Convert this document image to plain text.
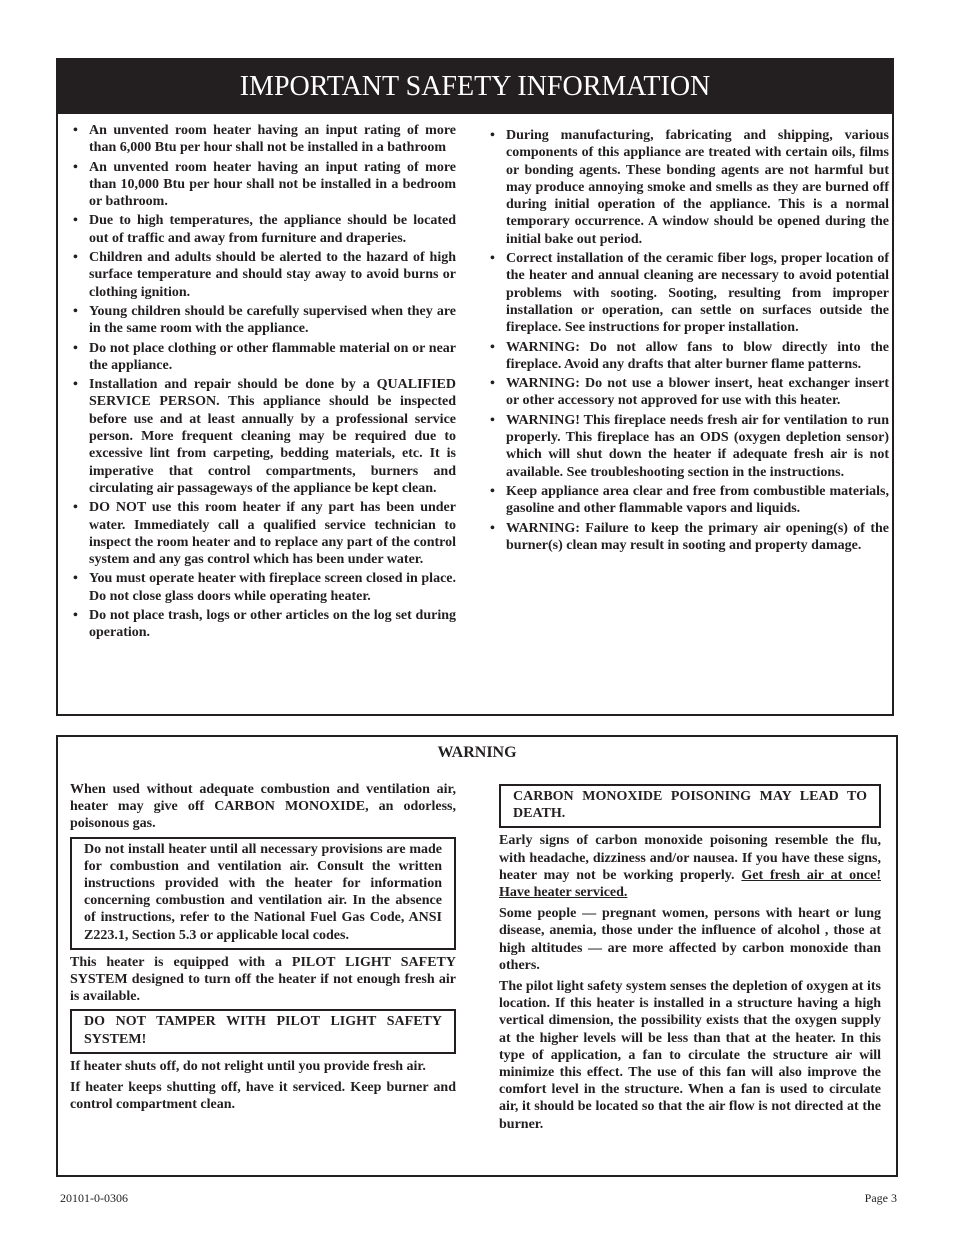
IMPORTANT SAFETY INFORMATION
• An unvented room heater having an input rating of more than 6,000 Btu per hour shall not be installed in a bathroom
• An unvented room heater having an input rating of more than 10,000 Btu per hour shall not be installed in a bedroom or bathroom.
• Due to high temperatures, the appliance should be located out of traffic and away from furniture and draperies.
• Children and adults should be alerted to the hazard of high surface temperature and should stay away to avoid burns or clothing ignition.
• Young children should be carefully supervised when they are in the same room with the appliance.
• Do not place clothing or other flammable material on or near the appliance.
• Installation and repair should be done by a QUALIFIED SERVICE PERSON. This appliance should be inspected before use and at least annually by a professional service person. More frequent cleaning may be required due to excessive lint from carpeting, bedding materials, etc. It is imperative that control compartments, burners and circulating air passageways of the appliance be kept clean.
• DO NOT use this room heater if any part has been under water. Immediately call a qualified service technician to inspect the room heater and to replace any part of the control system and any gas control which has been under water.
• You must operate heater with fireplace screen closed in place. Do not close glass doors while operating heater.
• Do not place trash, logs or other articles on the log set during operation.
• During manufacturing, fabricating and shipping, various components of this appliance are treated with certain oils, films or bonding agents. These bonding agents are not harmful but may produce annoying smoke and smells as they are burned off during initial operation of the appliance. This is a normal temporary occurrence. A window should be opened during the initial bake out period.
• Correct installation of the ceramic fiber logs, proper location of the heater and annual cleaning are necessary to avoid potential problems with sooting. Sooting, resulting from improper installation or operation, can settle on surfaces outside the fireplace. See instructions for proper installation.
• WARNING: Do not allow fans to blow directly into the fireplace. Avoid any drafts that alter burner flame patterns.
• WARNING: Do not use a blower insert, heat exchanger insert or other accessory not approved for use with this heater.
• WARNING! This fireplace needs fresh air for ventilation to run properly. This fireplace has an ODS (oxygen depletion sensor) which will shut down the heater if adequate fresh air is not available. See troubleshooting section in the instructions.
• Keep appliance area clear and free from combustible materials, gasoline and other flammable vapors and liquids.
• WARNING: Failure to keep the primary air opening(s) of the burner(s) clean may result in sooting and property damage.
WARNING

When used without adequate combustion and ventilation air, heater may give off CARBON MONOXIDE, an odorless, poisonous gas.

Do not install heater until all necessary provisions are made for combustion and ventilation air. Consult the written instructions provided with the heater for information concerning combustion and ventilation air. In the absence of instructions, refer to the National Fuel Gas Code, ANSI Z223.1, Section 5.3 or applicable local codes.

This heater is equipped with a PILOT LIGHT SAFETY SYSTEM designed to turn off the heater if not enough fresh air is available.

DO NOT TAMPER WITH PILOT LIGHT SAFETY SYSTEM!

If heater shuts off, do not relight until you provide fresh air.

If heater keeps shutting off, have it serviced. Keep burner and control compartment clean.

CARBON MONOXIDE POISONING MAY LEAD TO DEATH.

Early signs of carbon monoxide poisoning resemble the flu, with headache, dizziness and/or nausea. If you have these signs, heater may not be working properly. Get fresh air at once! Have heater serviced.

Some people — pregnant women, persons with heart or lung disease, anemia, those under the influence of alcohol , those at high altitudes — are more affected by carbon monoxide than others.

The pilot light safety system senses the depletion of oxygen at its location. If this heater is installed in a structure having a high vertical dimension, the possibility exists that the oxygen supply at the higher levels will be less than that at the heater. In this type of application, a fan to circulate the structure air will minimize this effect. The use of this fan will also improve the comfort level in the structure. When a fan is used to circulate air, it should be located so that the air flow is not directed at the burner.

20101-0-0306	Page 3
